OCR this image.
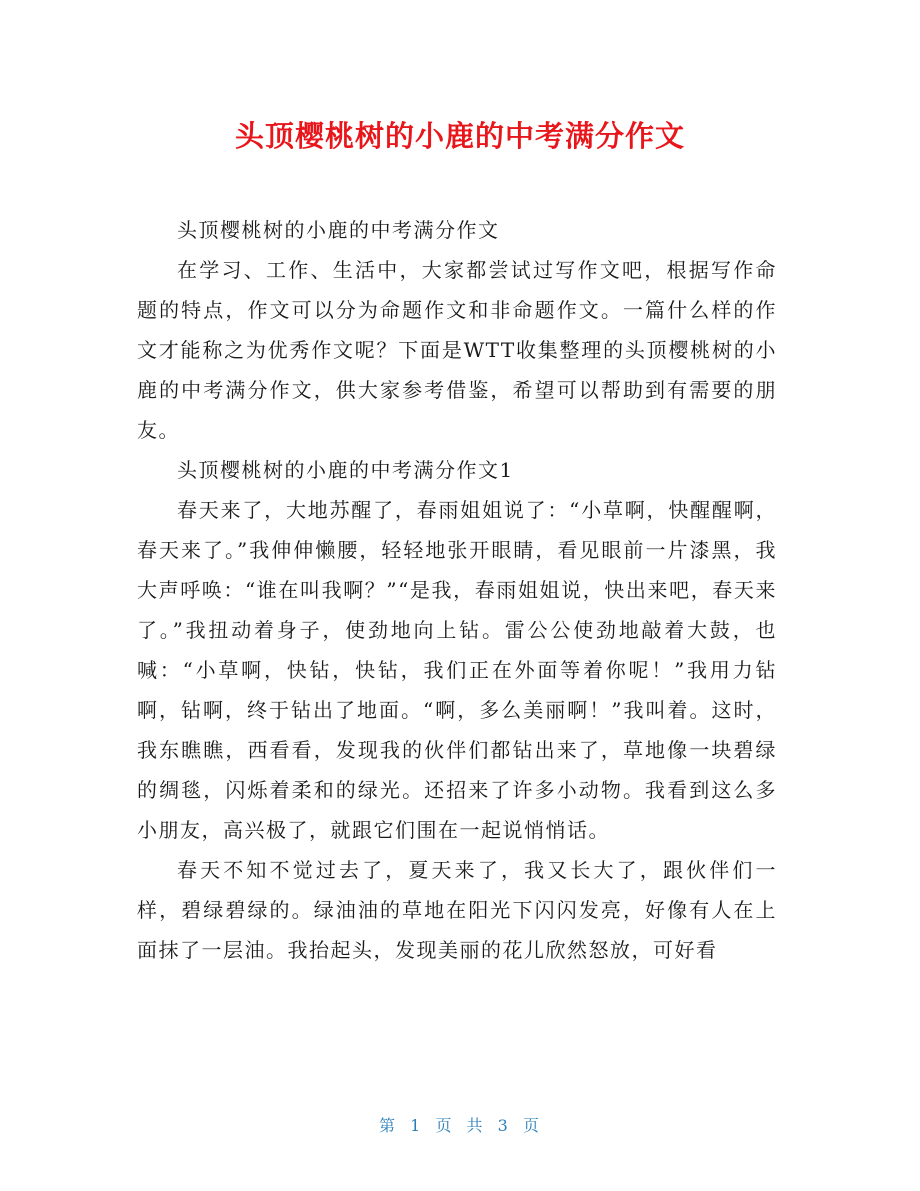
头顶樱桃树的小鹿的中考满分作文

头顶樱桃树的小鹿的中考满分作文

在学习、工作、生活中，大家都尝试过写作文吧，根据写作命题的特点，作文可以分为命题作文和非命题作文。一篇什么样的作文才能称之为优秀作文呢？下面是WTT收集整理的头顶樱桃树的小鹿的中考满分作文，供大家参考借鉴，希望可以帮助到有需要的朋友。

头顶樱桃树的小鹿的中考满分作文1

春天来了，大地苏醒了，春雨姐姐说了：“小草啊，快醒醒啊，春天来了。”我伸伸懒腰，轻轻地张开眼睛，看见眼前一片漆黑，我大声呼唤：“谁在叫我啊？”“是我，春雨姐姐说，快出来吧，春天来了。”我扭动着身子，使劲地向上钻。雷公公使劲地敲着大鼓，也喊：“小草啊，快钻，快钻，我们正在外面等着你呢！”我用力钻啊，钻啊，终于钻出了地面。“啊，多么美丽啊！”我叫着。这时，我东瞧瞧，西看看，发现我的伙伴们都钻出来了，草地像一块碧绿的绸毯，闪烁着柔和的绿光。还招来了许多小动物。我看到这么多小朋友，高兴极了，就跟它们围在一起说悄悄话。

春天不知不觉过去了，夏天来了，我又长大了，跟伙伴们一样，碧绿碧绿的。绿油油的草地在阳光下闪闪发亮，好像有人在上面抹了一层油。我抬起头，发现美丽的花儿欣然怒放，可好看

第 1 页 共 3 页
